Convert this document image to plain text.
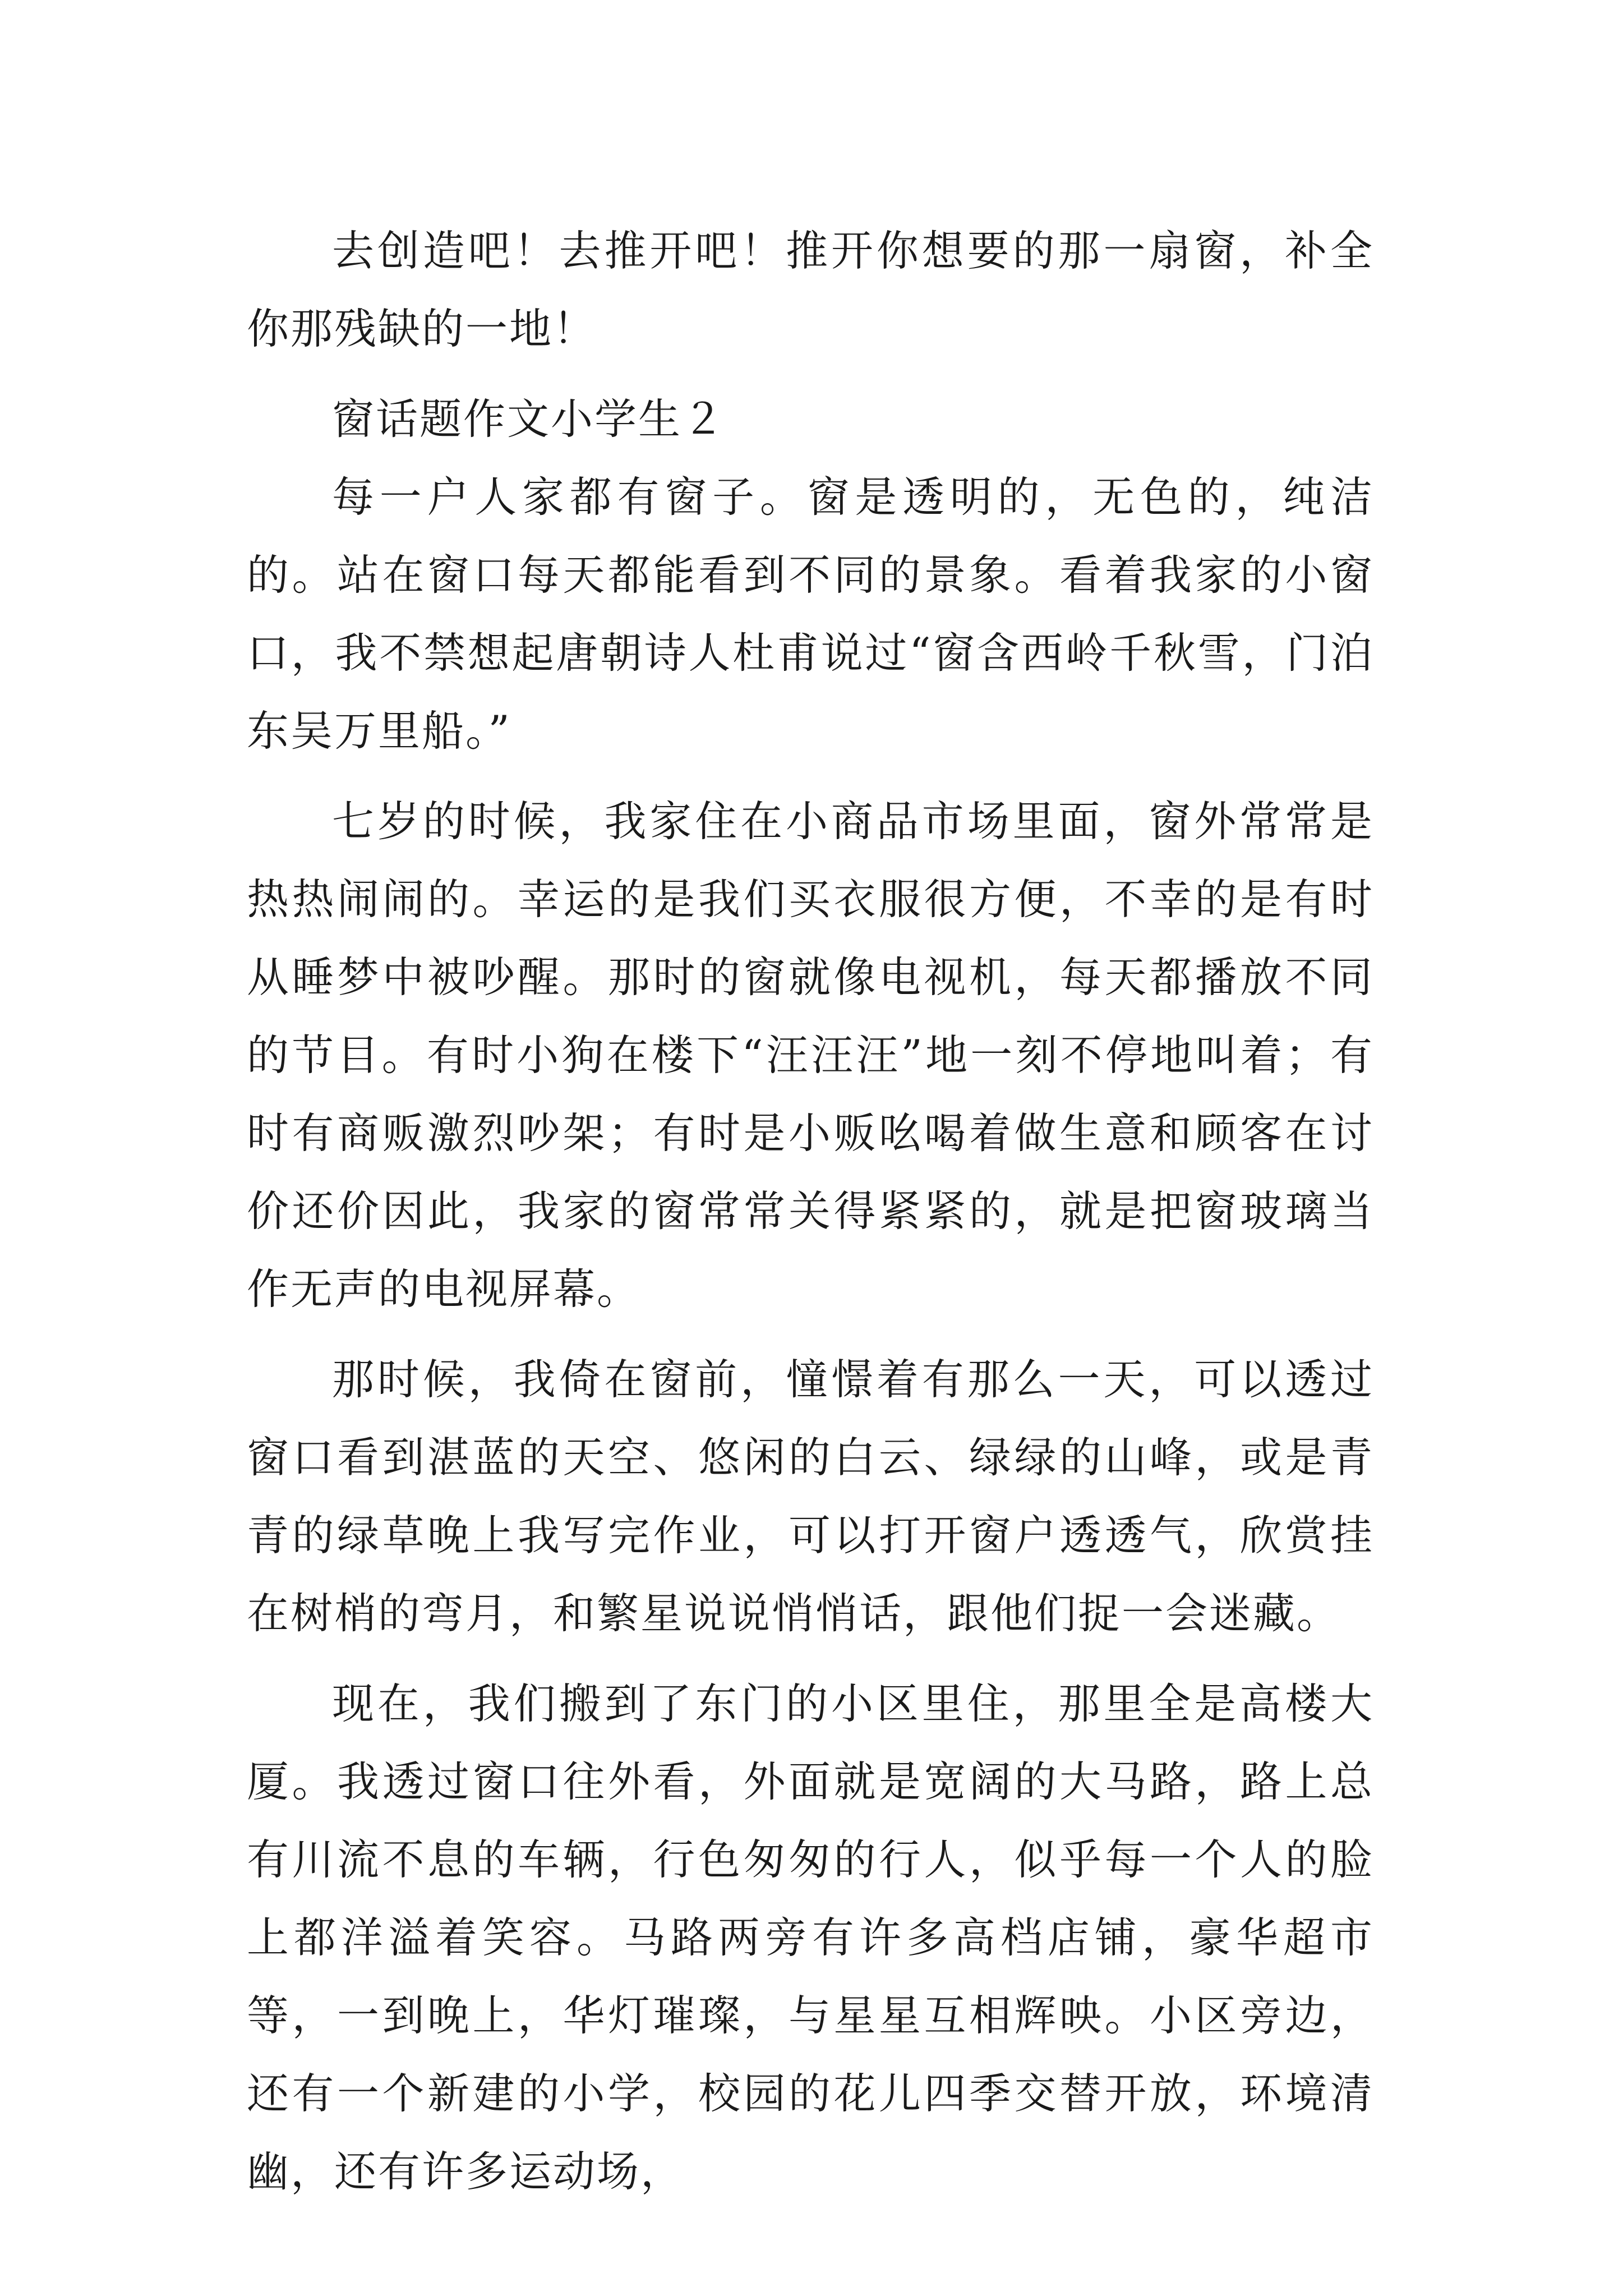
去创造吧！去推开吧！推开你想要的那一扇窗，补全你那残缺的一地！

窗话题作文小学生２

每一户人家都有窗子。窗是透明的，无色的，纯洁的。站在窗口每天都能看到不同的景象。看着我家的小窗口，我不禁想起唐朝诗人杜甫说过“窗含西岭千秋雪，门泊东吴万里船。”

七岁的时候，我家住在小商品市场里面，窗外常常是热热闹闹的。幸运的是我们买衣服很方便，不幸的是有时从睡梦中被吵醒。那时的窗就像电视机，每天都播放不同的节目。有时小狗在楼下“汪汪汪”地一刻不停地叫着；有时有商贩激烈吵架；有时是小贩吆喝着做生意和顾客在讨价还价因此，我家的窗常常关得紧紧的，就是把窗玻璃当作无声的电视屏幕。

那时候，我倚在窗前，憧憬着有那么一天，可以透过窗口看到湛蓝的天空、悠闲的白云、绿绿的山峰，或是青青的绿草晚上我写完作业，可以打开窗户透透气，欣赏挂在树梢的弯月，和繁星说说悄悄话，跟他们捉一会迷藏。

现在，我们搬到了东门的小区里住，那里全是高楼大厦。我透过窗口往外看，外面就是宽阔的大马路，路上总有川流不息的车辆，行色匆匆的行人，似乎每一个人的脸上都洋溢着笑容。马路两旁有许多高档店铺，豪华超市等，一到晚上，华灯璀璨，与星星互相辉映。小区旁边，还有一个新建的小学，校园的花儿四季交替开放，环境清幽，还有许多运动场，
